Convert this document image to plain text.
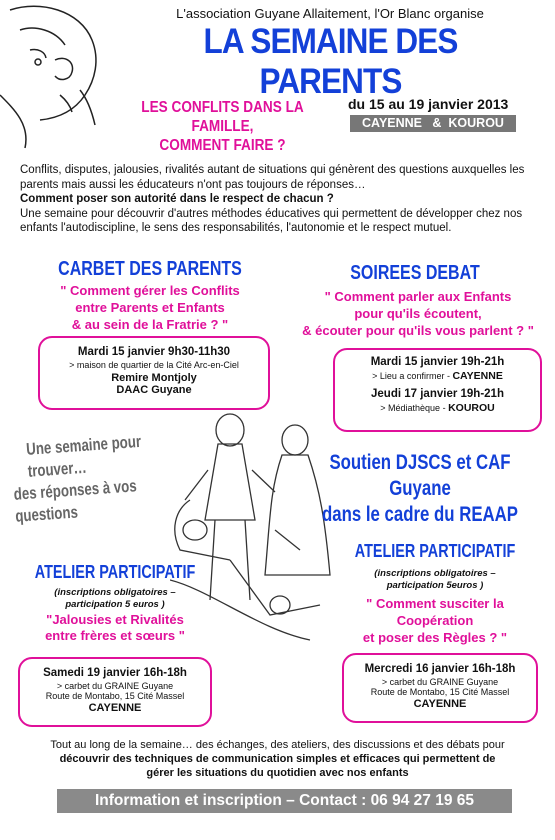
L'association Guyane Allaitement, l'Or Blanc organise
LA SEMAINE DES PARENTS
LES CONFLITS DANS LA FAMILLE,
COMMENT FAIRE ?
du 15 au 19 janvier 2013
CAYENNE   &  KOUROU

Conflits, disputes, jalousies, rivalités autant de situations qui génèrent des questions auxquelles les parents mais aussi les éducateurs n'ont pas toujours de réponses…

Comment poser son autorité dans le respect de chacun ?

Une semaine pour découvrir d'autres méthodes éducatives qui permettent de développer chez nos enfants l'autodiscipline, le sens des responsabilités, l'autonomie et le respect mutuel.

CARBET DES PARENTS
" Comment gérer les Conflits
entre Parents et Enfants
& au sein de la Fratrie ? "
Mardi 15 janvier 9h30-11h30
> maison de quartier de la Cité Arc-en-Ciel
Remire Montjoly
DAAC Guyane
SOIREES DEBAT
" Comment parler aux Enfants
pour qu'ils écoutent,
& écouter pour qu'ils vous parlent ? "
Mardi 15 janvier 19h-21h
> Lieu a confirmer - CAYENNE
Jeudi 17 janvier 19h-21h
> Médiathèque - KOUROU
Une semaine pour trouver…
des réponses à vos questions
Soutien DJSCS et CAF Guyane
dans le cadre du REAAP
ATELIER PARTICIPATIF
(inscriptions obligatoires –
participation 5 euros )
"Jalousies et Rivalités
entre frères et sœurs "
Samedi 19 janvier 16h-18h
> carbet du GRAINE Guyane
Route de Montabo, 15 Cité Massel
CAYENNE
ATELIER PARTICIPATIF
(inscriptions obligatoires –
participation 5euros )
" Comment susciter la
Coopération
et poser des Règles ? "
Mercredi 16 janvier 16h-18h
> carbet du GRAINE Guyane
Route de Montabo, 15 Cité Massel
CAYENNE
Tout au long de la semaine… des échanges, des ateliers, des discussions et des débats pour
découvrir des techniques de communication simples et efficaces qui permettent de
gérer les situations du quotidien avec nos enfants
Information et inscription – Contact : 06 94 27 19 65
